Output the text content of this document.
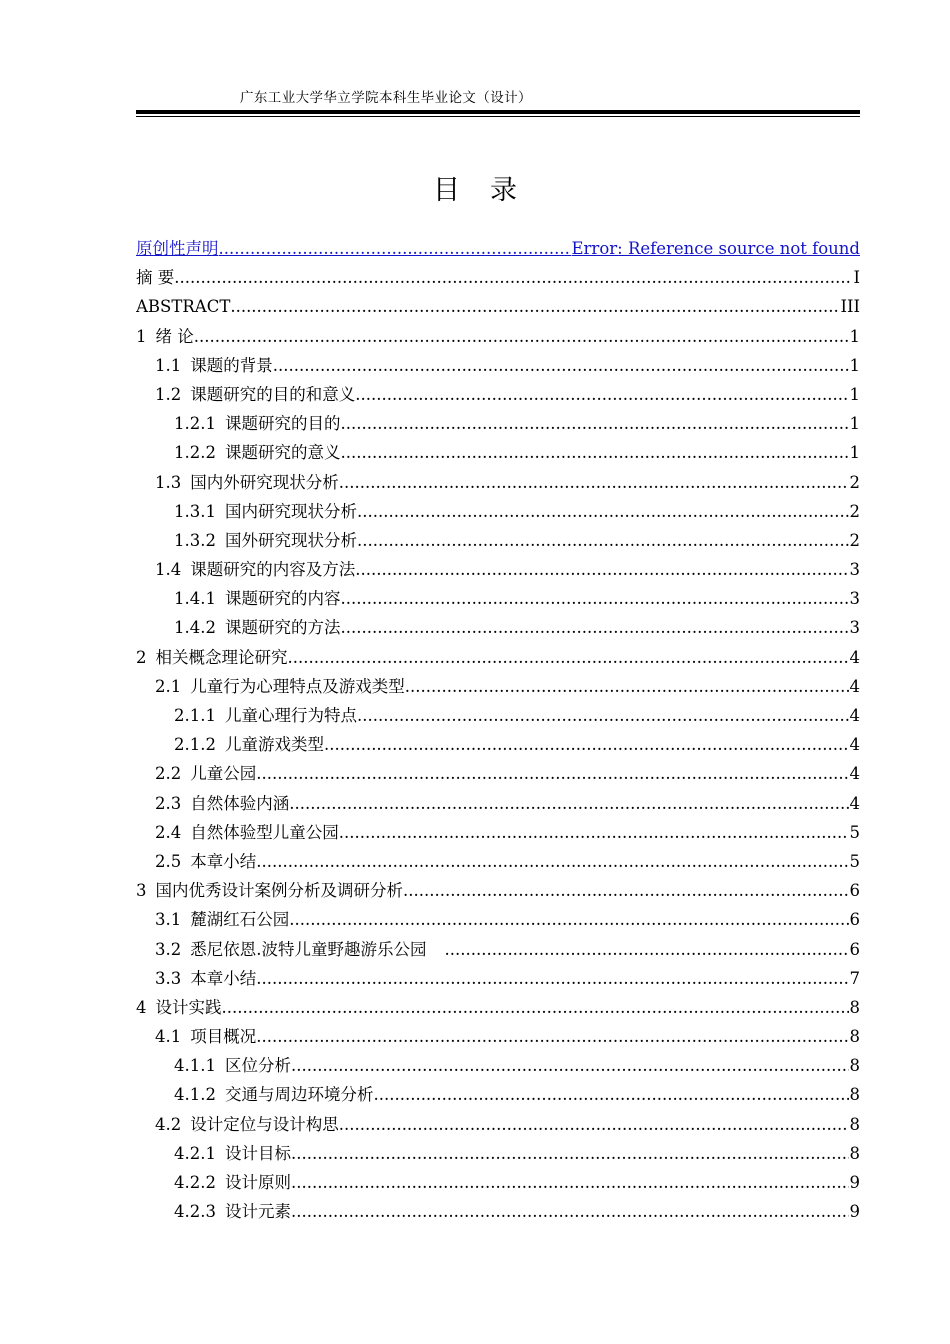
广东工业大学华立学院本科生毕业论文（设计）
目录
原创性声明 .....	Error: Reference source not found
摘 要 .....	I
ABSTRACT .....	III
1 绪 论 .....	1
1.1 课题的背景 .....	1
1.2 课题研究的目的和意义 .....	1
1.2.1 课题研究的目的 .....	1
1.2.2 课题研究的意义 .....	1
1.3 国内外研究现状分析 .....	2
1.3.1 国内研究现状分析 .....	2
1.3.2 国外研究现状分析 .....	2
1.4 课题研究的内容及方法 .....	3
1.4.1 课题研究的内容 .....	3
1.4.2 课题研究的方法 .....	3
2 相关概念理论研究 .....	4
2.1 儿童行为心理特点及游戏类型 .....	4
2.1.1 儿童心理行为特点 .....	4
2.1.2 儿童游戏类型 .....	4
2.2 儿童公园 .....	4
2.3 自然体验内涵 .....	4
2.4 自然体验型儿童公园 .....	5
2.5 本章小结 .....	5
3 国内优秀设计案例分析及调研分析 .....	6
3.1 麓湖红石公园 .....	6
3.2 悉尼依恩.波特儿童野趣游乐公园 .....	6
3.3 本章小结 .....	7
4 设计实践 .....	8
4.1 项目概况 .....	8
4.1.1 区位分析 .....	8
4.1.2 交通与周边环境分析 .....	8
4.2 设计定位与设计构思 .....	8
4.2.1 设计目标 .....	8
4.2.2 设计原则 .....	9
4.2.3 设计元素 .....	9
